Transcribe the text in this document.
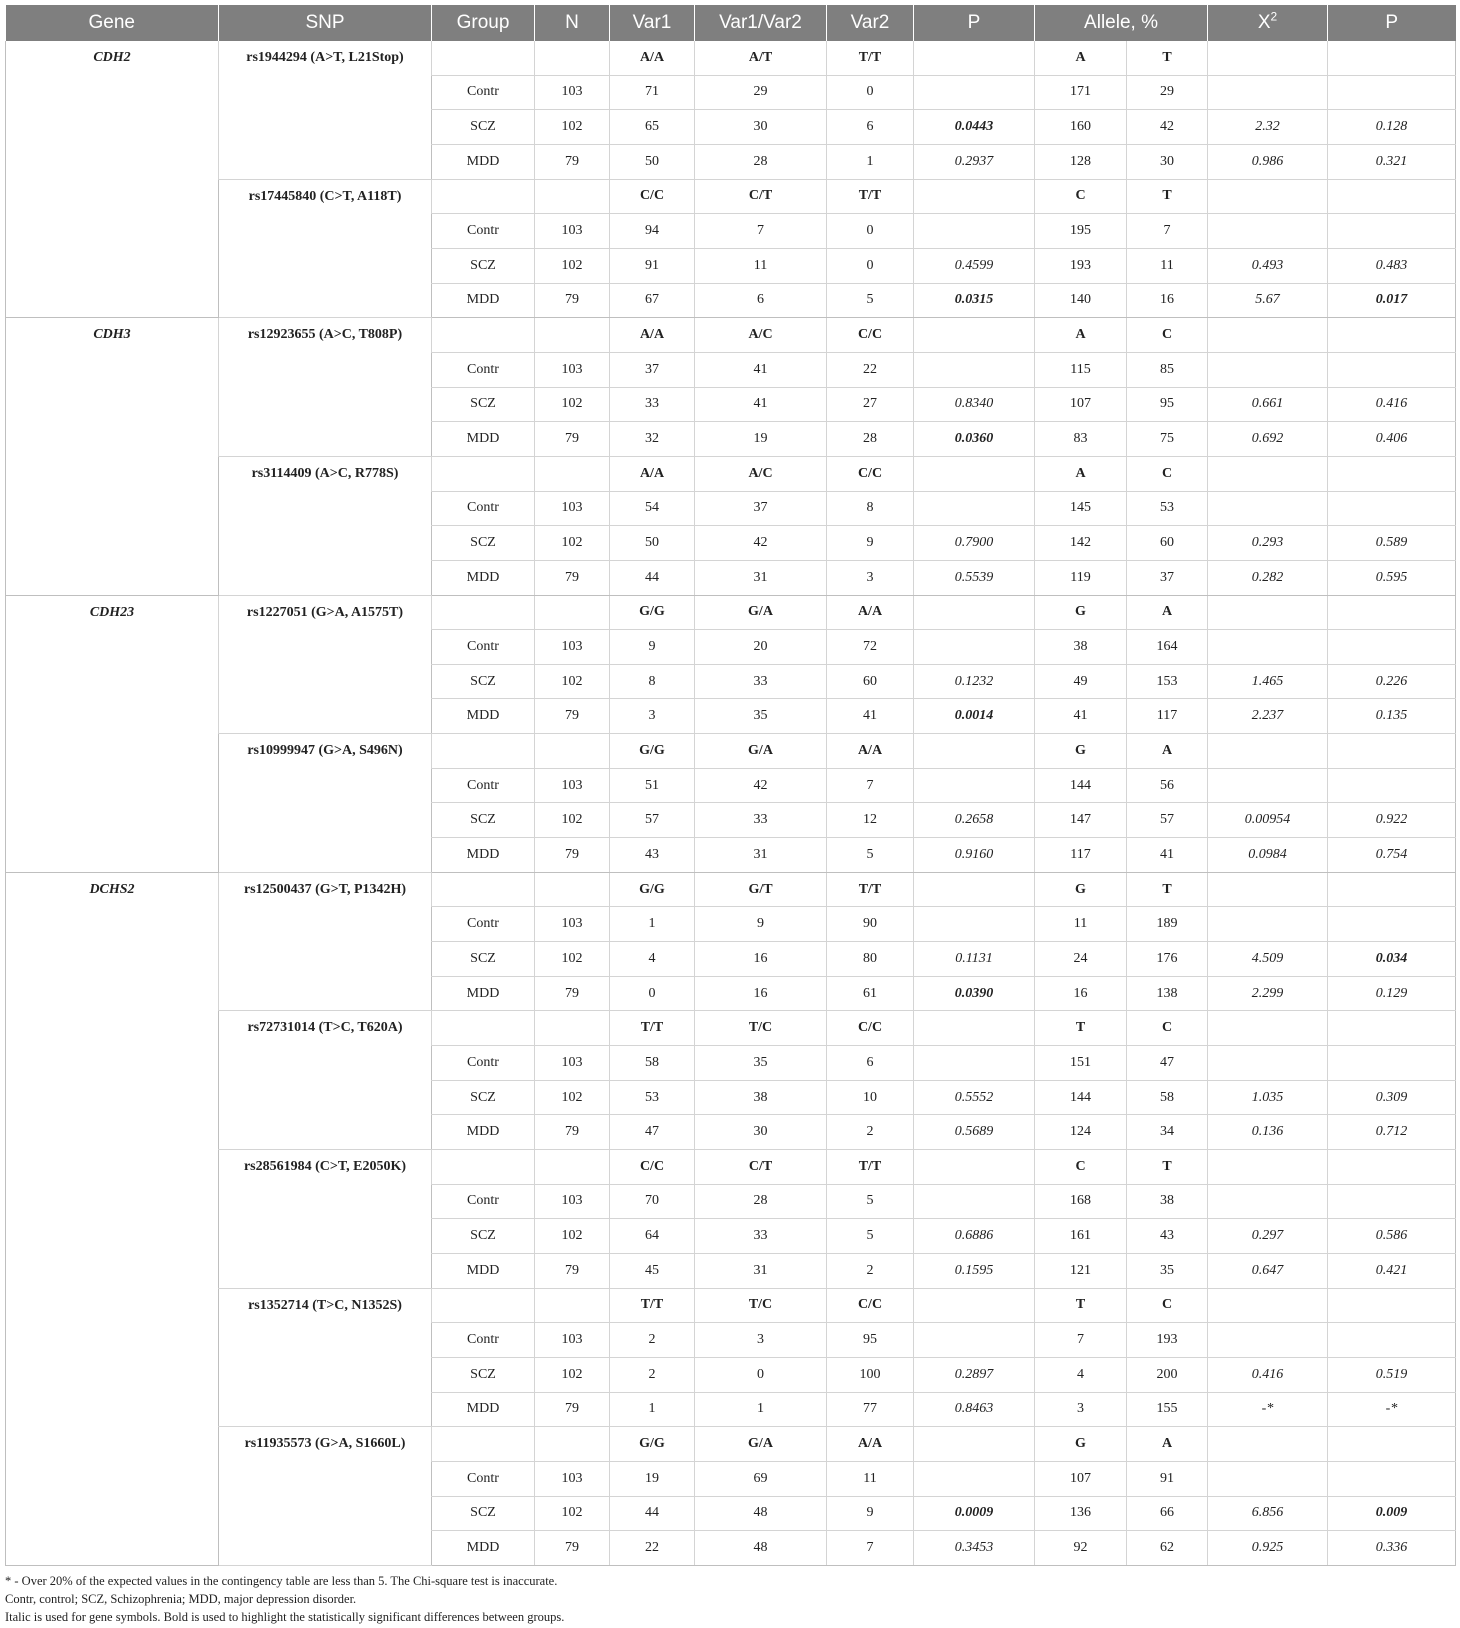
Gene	SNP	Group	N	Var1	Var1/Var2	Var2	P	Allele, %		$X^2$	P
CDH2	rs1944294 (A>T, L21Stop)			A/A	A/T	T/T		A	T		
		Contr	103	71	29	0		171	29		
		SCZ	102	65	30	6	0.0443	160	42	2.32	0.128
		MDD	79	50	28	1	0.2937	128	30	0.986	0.321
	rs17445840 (C>T, A118T)			C/C	C/T	T/T		C	T		
		Contr	103	94	7	0		195	7		
		SCZ	102	91	11	0	0.4599	193	11	0.493	0.483
		MDD	79	67	6	5	0.0315	140	16	5.67	0.017
CDH3	rs12923655 (A>C, T808P)			A/A	A/C	C/C		A	C		
		Contr	103	37	41	22		115	85		
		SCZ	102	33	41	27	0.8340	107	95	0.661	0.416
		MDD	79	32	19	28	0.0360	83	75	0.692	0.406
	rs3114409 (A>C, R778S)			A/A	A/C	C/C		A	C		
		Contr	103	54	37	8		145	53		
		SCZ	102	50	42	9	0.7900	142	60	0.293	0.589
		MDD	79	44	31	3	0.5539	119	37	0.282	0.595
CDH23	rs1227051 (G>A, A1575T)			G/G	G/A	A/A		G	A		
		Contr	103	9	20	72		38	164		
		SCZ	102	8	33	60	0.1232	49	153	1.465	0.226
		MDD	79	3	35	41	0.0014	41	117	2.237	0.135
	rs10999947 (G>A, S496N)			G/G	G/A	A/A		G	A		
		Contr	103	51	42	7		144	56		
		SCZ	102	57	33	12	0.2658	147	57	0.00954	0.922
		MDD	79	43	31	5	0.9160	117	41	0.0984	0.754
DCHS2	rs12500437 (G>T, P1342H)			G/G	G/T	T/T		G	T		
		Contr	103	1	9	90		11	189		
		SCZ	102	4	16	80	0.1131	24	176	4.509	0.034
		MDD	79	0	16	61	0.0390	16	138	2.299	0.129
	rs72731014 (T>C, T620A)			T/T	T/C	C/C		T	C		
		Contr	103	58	35	6		151	47		
		SCZ	102	53	38	10	0.5552	144	58	1.035	0.309
		MDD	79	47	30	2	0.5689	124	34	0.136	0.712
	rs28561984 (C>T, E2050K)			C/C	C/T	T/T		C	T		
		Contr	103	70	28	5		168	38		
		SCZ	102	64	33	5	0.6886	161	43	0.297	0.586
		MDD	79	45	31	2	0.1595	121	35	0.647	0.421
	rs1352714 (T>C, N1352S)			T/T	T/C	C/C		T	C		
		Contr	103	2	3	95		7	193		
		SCZ	102	2	0	100	0.2897	4	200	0.416	0.519
		MDD	79	1	1	77	0.8463	3	155	-*	-*
	rs11935573 (G>A, S1660L)			G/G	G/A	A/A		G	A		
		Contr	103	19	69	11		107	91		
		SCZ	102	44	48	9	0.0009	136	66	6.856	0.009
		MDD	79	22	48	7	0.3453	92	62	0.925	0.336
* - Over 20% of the expected values in the contingency table are less than 5. The Chi-square test is inaccurate.
Contr, control; SCZ, Schizophrenia; MDD, major depression disorder.
Italic is used for gene symbols. Bold is used to highlight the statistically significant differences between groups.
